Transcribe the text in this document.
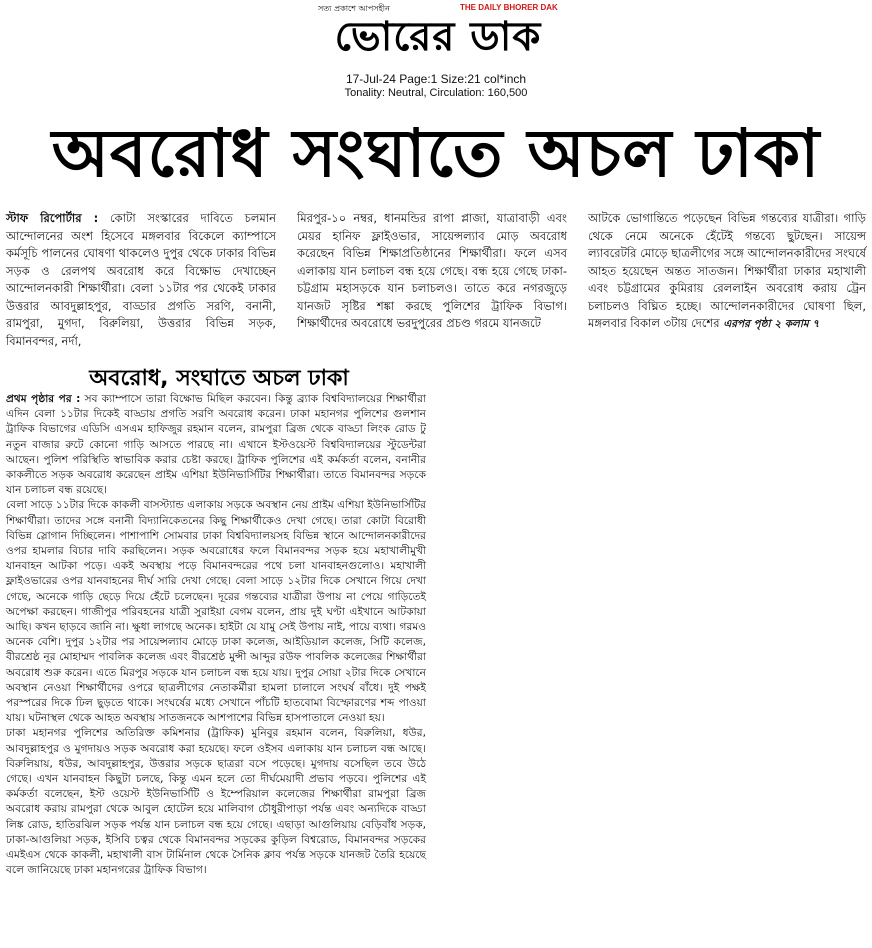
সত্য প্রকাশে আপসহীন	THE DAILY BHORER DAK
ভোরের ডাক
17-Jul-24 Page:1 Size:21 col*inch
Tonality: Neutral, Circulation: 160,500
অবরোধ সংঘাতে অচল ঢাকা
স্টাফ রিপোর্টার : কোটা সংস্কারের দাবিতে চলমান আন্দোলনের অংশ হিসেবে মঙ্গলবার বিকেলে ক্যাম্পাসে কর্মসূচি পালনের ঘোষণা থাকলেও দুপুর থেকে ঢাকার বিভিন্ন সড়ক ও রেলপথ অবরোধ করে বিক্ষোভ দেখাচ্ছেন আন্দোলনকারী শিক্ষার্থীরা। বেলা ১১টার পর থেকেই ঢাকার উত্তরার আবদুল্লাহপুর, বাড্ডার প্রগতি সরণি, বনানী, রামপুরা, মুগদা, বিরুলিয়া, উত্তরার বিভিন্ন সড়ক, বিমানবন্দর, নর্দা,
মিরপুর-১০ নম্বর, ধানমন্ডির রাপা প্লাজা, যাত্রাবাড়ী এবং মেয়র হানিফ ফ্লাইওভার, সায়েন্সল্যাব মোড় অবরোধ করেছেন বিভিন্ন শিক্ষাপ্রতিষ্ঠানের শিক্ষার্থীরা। ফলে এসব এলাকায় যান চলাচল বন্ধ হয়ে গেছে। বন্ধ হয়ে গেছে ঢাকা-চট্টগ্রাম মহাসড়কে যান চলাচলও। তাতে করে নগরজুড়ে যানজট সৃষ্টির শঙ্কা করছে পুলিশের ট্রাফিক বিভাগ। শিক্ষার্থীদের অবরোধে ভরদুপুরের প্রচণ্ড গরমে যানজটে
আটকে ভোগান্তিতে পড়েছেন বিভিন্ন গন্তব্যের যাত্রীরা। গাড়ি থেকে নেমে অনেকে হেঁটেই গন্তব্যে ছুটছেন। সায়েন্স ল্যাবরেটরি মোড়ে ছাত্রলীগের সঙ্গে আন্দোলনকারীদের সংঘর্ষে আহত হয়েছেন অন্তত সাতজন। শিক্ষার্থীরা ঢাকার মহাখালী এবং চট্টগ্রামের কুমিরায় রেললাইন অবরোধ করায় ট্রেন চলাচলও বিঘ্নিত হচ্ছে। আন্দোলনকারীদের ঘোষণা ছিল, মঙ্গলবার বিকাল ৩টায় দেশের এরপর পৃষ্ঠা ২ কলাম ৭
অবরোধ, সংঘাতে অচল ঢাকা

প্রথম পৃষ্ঠার পর : সব ক্যাম্পাসে তারা বিক্ষোভ মিছিল করবেন। কিন্তু ব্র্যাক বিশ্ববিদ্যালয়ের শিক্ষার্থীরা এদিন বেলা ১১টার দিকেই বাড্ডায় প্রগতি সরণি অবরোধ করেন। ঢাকা মহানগর পুলিশের গুলশান ট্রাফিক বিভাগের এডিসি এসএম হাফিজুর রহমান বলেন, রামপুরা ব্রিজ থেকে বাড্ডা লিংক রোড টু নতুন বাজার রুটে কোনো গাড়ি আসতে পারছে না। এখানে ইস্টওয়েস্ট বিশ্ববিদ্যালয়ের স্টুডেন্টরা আছেন। পুলিশ পরিস্থিতি স্বাভাবিক করার চেষ্টা করছে। ট্রাফিক পুলিশের এই কর্মকর্তা বলেন, বনানীর কাকলীতে সড়ক অবরোধ করেছেন প্রাইম এশিয়া ইউনিভার্সিটির শিক্ষার্থীরা। তাতে বিমানবন্দর সড়কে যান চলাচল বন্ধ রয়েছে।

বেলা সাড়ে ১১টার দিকে কাকলী বাসস্ট্যান্ড এলাকায় সড়কে অবস্থান নেয় প্রাইম এশিয়া ইউনিভার্সিটির শিক্ষার্থীরা। তাদের সঙ্গে বনানী বিদ্যানিকেতনের কিছু শিক্ষার্থীকেও দেখা গেছে। তারা কোটা বিরোধী বিভিন্ন স্লোগান দিচ্ছিলেন। পাশাপাশি সোমবার ঢাকা বিশ্ববিদ্যালয়সহ বিভিন্ন স্থানে আন্দোলনকারীদের ওপর হামলার বিচার দাবি করছিলেন। সড়ক অবরোধের ফলে বিমানবন্দর সড়ক হয়ে মহাখালীমুখী যানবাহন আটকা পড়ে। একই অবস্থায় পড়ে বিমানবন্দরের পথে চলা যানবাহনগুলোও। মহাখালী ফ্লাইওভারের ওপর যানবাহনের দীর্ঘ সারি দেখা গেছে। বেলা সাড়ে ১২টার দিকে সেখানে গিয়ে দেখা গেছে, অনেকে গাড়ি ছেড়ে দিয়ে হেঁটে চলেছেন। দূরের গন্তব্যের যাত্রীরা উপায় না পেয়ে গাড়িতেই অপেক্ষা করছেন। গাজীপুর পরিবহনের যাত্রী সুরাইয়া বেগম বলেন, প্রায় দুই ঘণ্টা এইখানে আটকায়া আছি। কখন ছাড়বে জানি না। ক্ষুধা লাগছে অনেক। হাইটা যে যামু সেই উপায় নাই, পায়ে ব্যথা। গরমও অনেক বেশি। দুপুর ১২টার পর সায়েন্সল্যাব মোড়ে ঢাকা কলেজ, আইডিয়াল কলেজ, সিটি কলেজ, বীরশ্রেষ্ঠ নূর মোহাম্মদ পাবলিক কলেজ এবং বীরশ্রেষ্ঠ মুন্সী আব্দুর রউফ পাবলিক কলেজের শিক্ষার্থীরা অবরোধ শুরু করেন। এতে মিরপুর সড়কে যান চলাচল বন্ধ হয়ে যায়। দুপুর সোয়া ২টার দিকে সেখানে অবস্থান নেওয়া শিক্ষার্থীদের ওপরে ছাত্রলীগের নেতাকর্মীরা হামলা চালালে সংঘর্ষ বাঁধে। দুই পক্ষই পরস্পরের দিকে ঢিল ছুড়তে থাকে। সংঘর্ষের মধ্যে সেখানে পাঁচটি হাতবোমা বিস্ফোরণের শব্দ পাওয়া যায়। ঘটনাস্থল থেকে আহত অবস্থায় সাতজনকে আশপাশের বিভিন্ন হাসপাতালে নেওয়া হয়।

ঢাকা মহানগর পুলিশের অতিরিক্ত কমিশনার (ট্রাফিক) মুনিবুর রহমান বলেন, বিরুলিয়া, ধউর, আবদুল্লাহপুর ও মুগদায়ও সড়ক অবরোধ করা হয়েছে। ফলে ওইসব এলাকায় যান চলাচল বন্ধ আছে। বিরুলিয়ায়, ধউর, আবদুল্লাহপুর, উত্তরার সড়কে ছাত্ররা বসে পড়েছে। মুগদায় বসেছিল তবে উঠে গেছে। এখন যানবাহন কিছুটা চলছে, কিন্তু এমন হলে তো দীর্ঘমেয়াদী প্রভাব পড়বে। পুলিশের এই কর্মকর্তা বলেছেন, ইস্ট ওয়েস্ট ইউনিভার্সিটি ও ইম্পেরিয়াল কলেজের শিক্ষার্থীরা রামপুরা ব্রিজ অবরোধ করায় রামপুরা থেকে আবুল হোটেল হয়ে মালিবাগ চৌধুরীপাড়া পর্যন্ত এবং অন্যদিকে বাড্ডা লিঙ্ক রোড, হাতিরঝিল সড়ক পর্যন্ত যান চলাচল বন্ধ হয়ে গেছে। এছাড়া আগুলিয়ায় বেড়িবাঁধ সড়ক, ঢাকা-আগুলিয়া সড়ক, ইসিবি চত্বর থেকে বিমানবন্দর সড়কের কুড়িল বিশ্বরোড, বিমানবন্দর সড়কের এমইএস থেকে কাকলী, মহাখালী বাস টার্মিনাল থেকে সৈনিক ক্লাব পর্যন্ত সড়কে যানজট তৈরি হয়েছে বলে জানিয়েছে ঢাকা মহানগরের ট্রাফিক বিভাগ।
